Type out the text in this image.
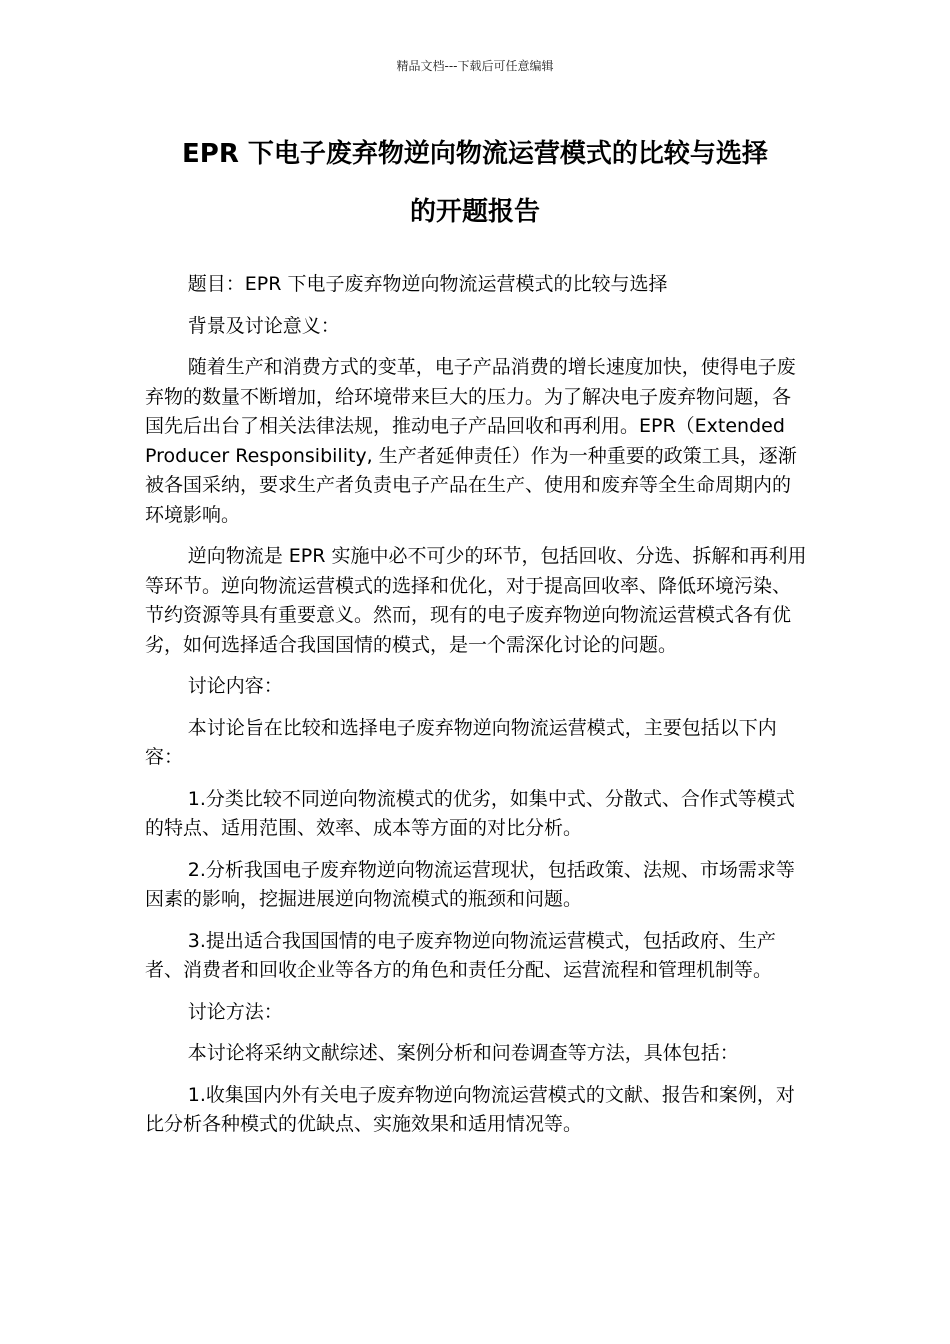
精品文档---下载后可任意编辑
EPR 下电子废弃物逆向物流运营模式的比较与选择
的开题报告

题目：EPR 下电子废弃物逆向物流运营模式的比较与选择

背景及讨论意义：

随着生产和消费方式的变革，电子产品消费的增长速度加快，使得电子废弃物的数量不断增加，给环境带来巨大的压力。为了解决电子废弃物问题，各国先后出台了相关法律法规，推动电子产品回收和再利用。EPR（Extended Producer Responsibility, 生产者延伸责任）作为一种重要的政策工具，逐渐被各国采纳，要求生产者负责电子产品在生产、使用和废弃等全生命周期内的环境影响。

逆向物流是 EPR 实施中必不可少的环节，包括回收、分选、拆解和再利用等环节。逆向物流运营模式的选择和优化，对于提高回收率、降低环境污染、节约资源等具有重要意义。然而，现有的电子废弃物逆向物流运营模式各有优劣，如何选择适合我国国情的模式，是一个需深化讨论的问题。

讨论内容：

本讨论旨在比较和选择电子废弃物逆向物流运营模式，主要包括以下内容：

1.分类比较不同逆向物流模式的优劣，如集中式、分散式、合作式等模式的特点、适用范围、效率、成本等方面的对比分析。

2.分析我国电子废弃物逆向物流运营现状，包括政策、法规、市场需求等因素的影响，挖掘进展逆向物流模式的瓶颈和问题。

3.提出适合我国国情的电子废弃物逆向物流运营模式，包括政府、生产者、消费者和回收企业等各方的角色和责任分配、运营流程和管理机制等。

讨论方法：

本讨论将采纳文献综述、案例分析和问卷调查等方法，具体包括：

1.收集国内外有关电子废弃物逆向物流运营模式的文献、报告和案例，对比分析各种模式的优缺点、实施效果和适用情况等。
